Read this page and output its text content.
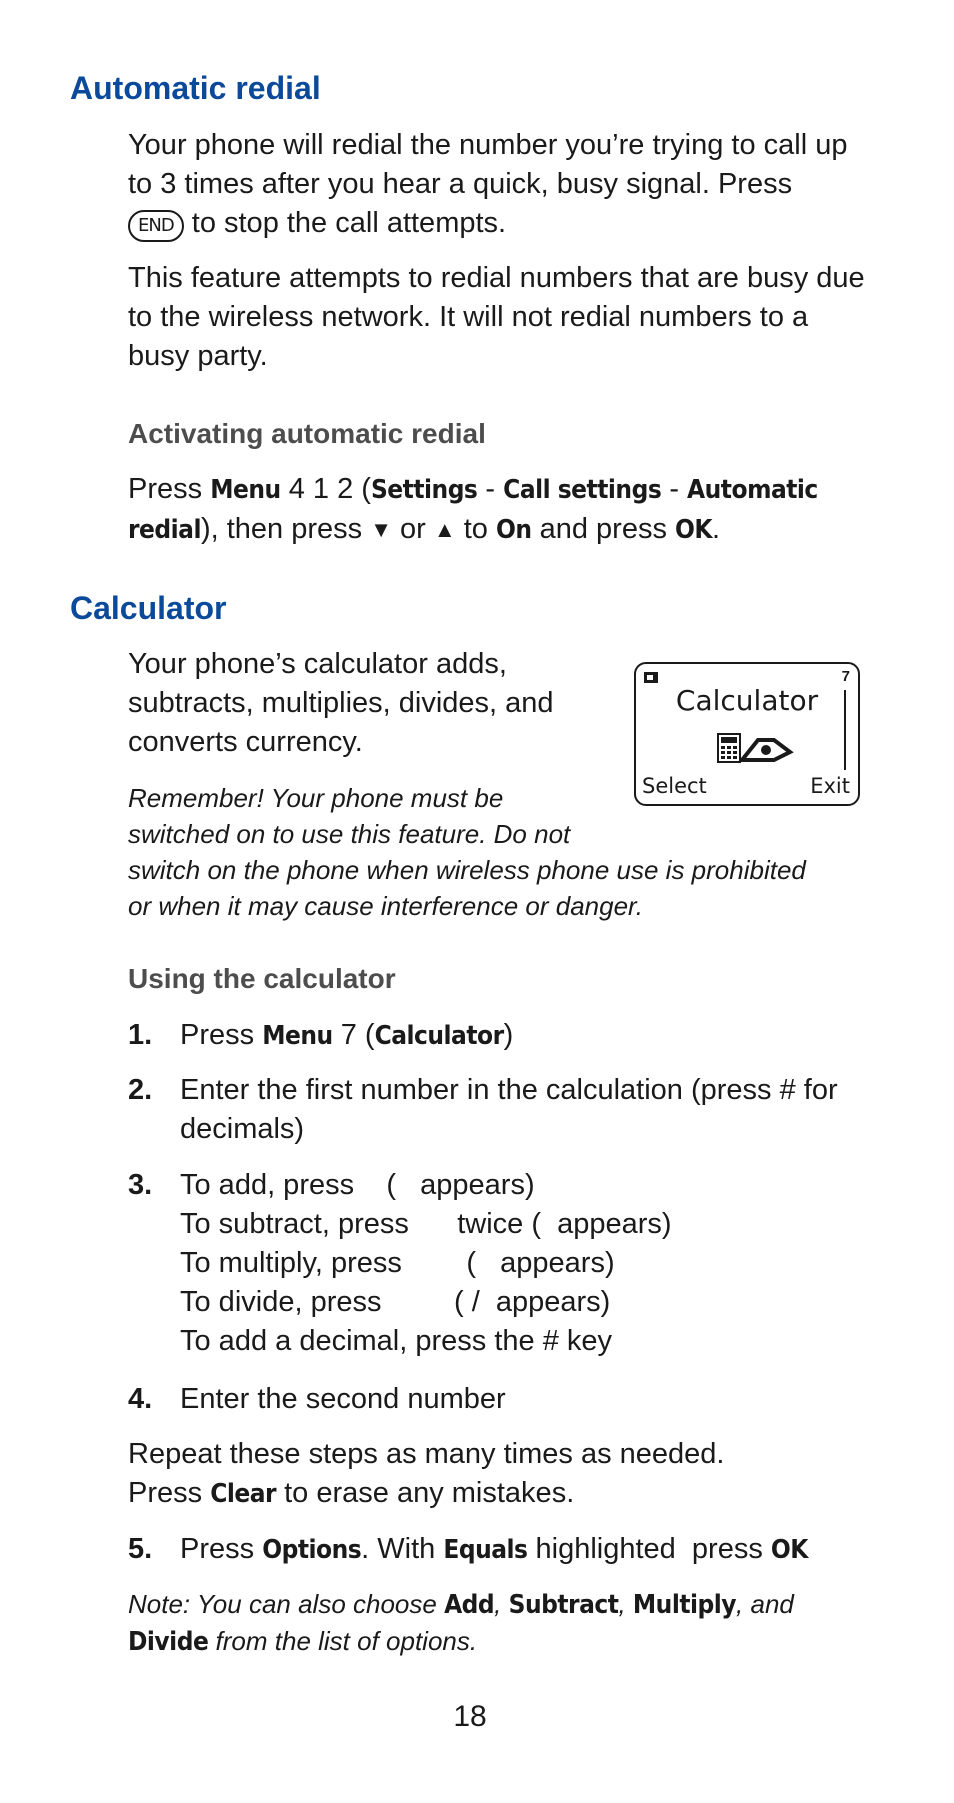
Automatic redial

Your phone will redial the number you’re trying to call up to 3 times after you hear a quick, busy signal. Press
END to stop the call attempts.

This feature attempts to redial numbers that are busy due to the wireless network. It will not redial numbers to a busy party.

Activating automatic redial

Press Menu 4 1 2 (Settings - Call settings - Automatic redial), then press ▼ or ▲ to On and press OK.

Calculator

Your phone’s calculator adds, subtracts, multiplies, divides, and converts currency.

7
Calculator
Select	Exit

Remember! Your phone must be
switched on to use this feature. Do not
switch on the phone when wireless phone use is prohibited
or when it may cause interference or danger.

Using the calculator
1. Press Menu 7 (Calculator)
2. Enter the first number in the calculation (press # for decimals)
3. To add, press    (   appears)
To subtract, press      twice (  appears)
To multiply, press        (   appears)
To divide, press         ( /  appears)
To add a decimal, press the # key
4. Enter the second number

Repeat these steps as many times as needed.
Press Clear to erase any mistakes.

5. Press Options. With Equals highlighted  press OK

Note: You can also choose Add, Subtract, Multiply, and
Divide from the list of options.

18
